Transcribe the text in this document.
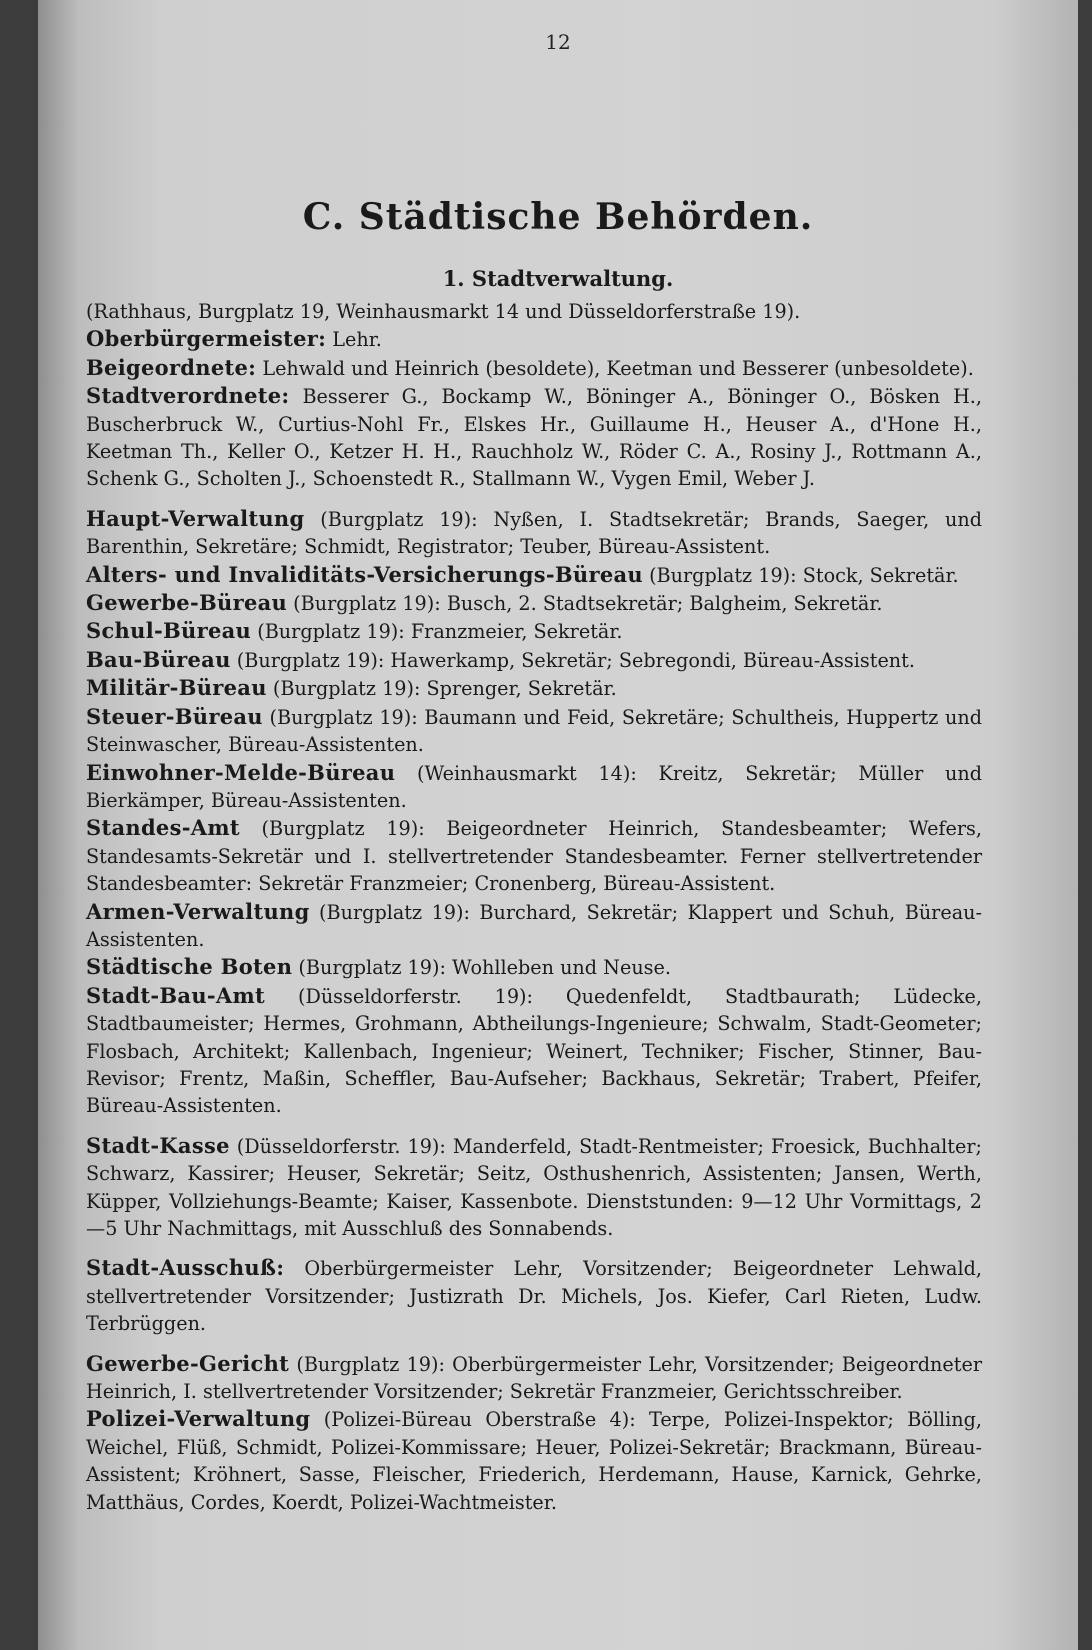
12
C. Städtische Behörden.
1. Stadtverwaltung.

(Rathhaus, Burgplatz 19, Weinhausmarkt 14 und Düsseldorferstraße 19).

Oberbürgermeister: Lehr.

Beigeordnete: Lehwald und Heinrich (besoldete), Keetman und Besserer (unbesoldete).

Stadtverordnete: Besserer G., Bockamp W., Böninger A., Böninger O., Bösken H., Buscherbruck W., Curtius-Nohl Fr., Elskes Hr., Guillaume H., Heuser A., d'Hone H., Keetman Th., Keller O., Ketzer H. H., Rauchholz W., Röder C. A., Rosiny J., Rottmann A., Schenk G., Scholten J., Schoenstedt R., Stallmann W., Vygen Emil, Weber J.

Haupt-Verwaltung (Burgplatz 19): Nyßen, I. Stadtsekretär; Brands, Saeger, und Barenthin, Sekretäre; Schmidt, Registrator; Teuber, Büreau-Assistent.

Alters- und Invaliditäts-Versicherungs-Büreau (Burgplatz 19): Stock, Sekretär.

Gewerbe-Büreau (Burgplatz 19): Busch, 2. Stadtsekretär; Balgheim, Sekretär.

Schul-Büreau (Burgplatz 19): Franzmeier, Sekretär.

Bau-Büreau (Burgplatz 19): Hawerkamp, Sekretär; Sebregondi, Büreau-Assistent.

Militär-Büreau (Burgplatz 19): Sprenger, Sekretär.

Steuer-Büreau (Burgplatz 19): Baumann und Feid, Sekretäre; Schultheis, Huppertz und Steinwascher, Büreau-Assistenten.

Einwohner-Melde-Büreau (Weinhausmarkt 14): Kreitz, Sekretär; Müller und Bierkämper, Büreau-Assistenten.

Standes-Amt (Burgplatz 19): Beigeordneter Heinrich, Standesbeamter; Wefers, Standesamts-Sekretär und I. stellvertretender Standesbeamter. Ferner stellvertretender Standesbeamter: Sekretär Franzmeier; Cronenberg, Büreau-Assistent.

Armen-Verwaltung (Burgplatz 19): Burchard, Sekretär; Klappert und Schuh, Büreau-Assistenten.

Städtische Boten (Burgplatz 19): Wohlleben und Neuse.

Stadt-Bau-Amt (Düsseldorferstr. 19): Quedenfeldt, Stadtbaurath; Lüdecke, Stadtbaumeister; Hermes, Grohmann, Abtheilungs-Ingenieure; Schwalm, Stadt-Geometer; Flosbach, Architekt; Kallenbach, Ingenieur; Weinert, Techniker; Fischer, Stinner, Bau-Revisor; Frentz, Maßin, Scheffler, Bau-Aufseher; Backhaus, Sekretär; Trabert, Pfeifer, Büreau-Assistenten.

Stadt-Kasse (Düsseldorferstr. 19): Manderfeld, Stadt-Rentmeister; Froesick, Buchhalter; Schwarz, Kassirer; Heuser, Sekretär; Seitz, Osthushenrich, Assistenten; Jansen, Werth, Küpper, Vollziehungs-Beamte; Kaiser, Kassenbote. Dienststunden: 9—12 Uhr Vormittags, 2—5 Uhr Nachmittags, mit Ausschluß des Sonnabends.

Stadt-Ausschuß: Oberbürgermeister Lehr, Vorsitzender; Beigeordneter Lehwald, stellvertretender Vorsitzender; Justizrath Dr. Michels, Jos. Kiefer, Carl Rieten, Ludw. Terbrüggen.

Gewerbe-Gericht (Burgplatz 19): Oberbürgermeister Lehr, Vorsitzender; Beigeordneter Heinrich, I. stellvertretender Vorsitzender; Sekretär Franzmeier, Gerichtsschreiber.

Polizei-Verwaltung (Polizei-Büreau Oberstraße 4): Terpe, Polizei-Inspektor; Bölling, Weichel, Flüß, Schmidt, Polizei-Kommissare; Heuer, Polizei-Sekretär; Brackmann, Büreau-Assistent; Kröhnert, Sasse, Fleischer, Friederich, Herdemann, Hause, Karnick, Gehrke, Matthäus, Cordes, Koerdt, Polizei-Wachtmeister.
